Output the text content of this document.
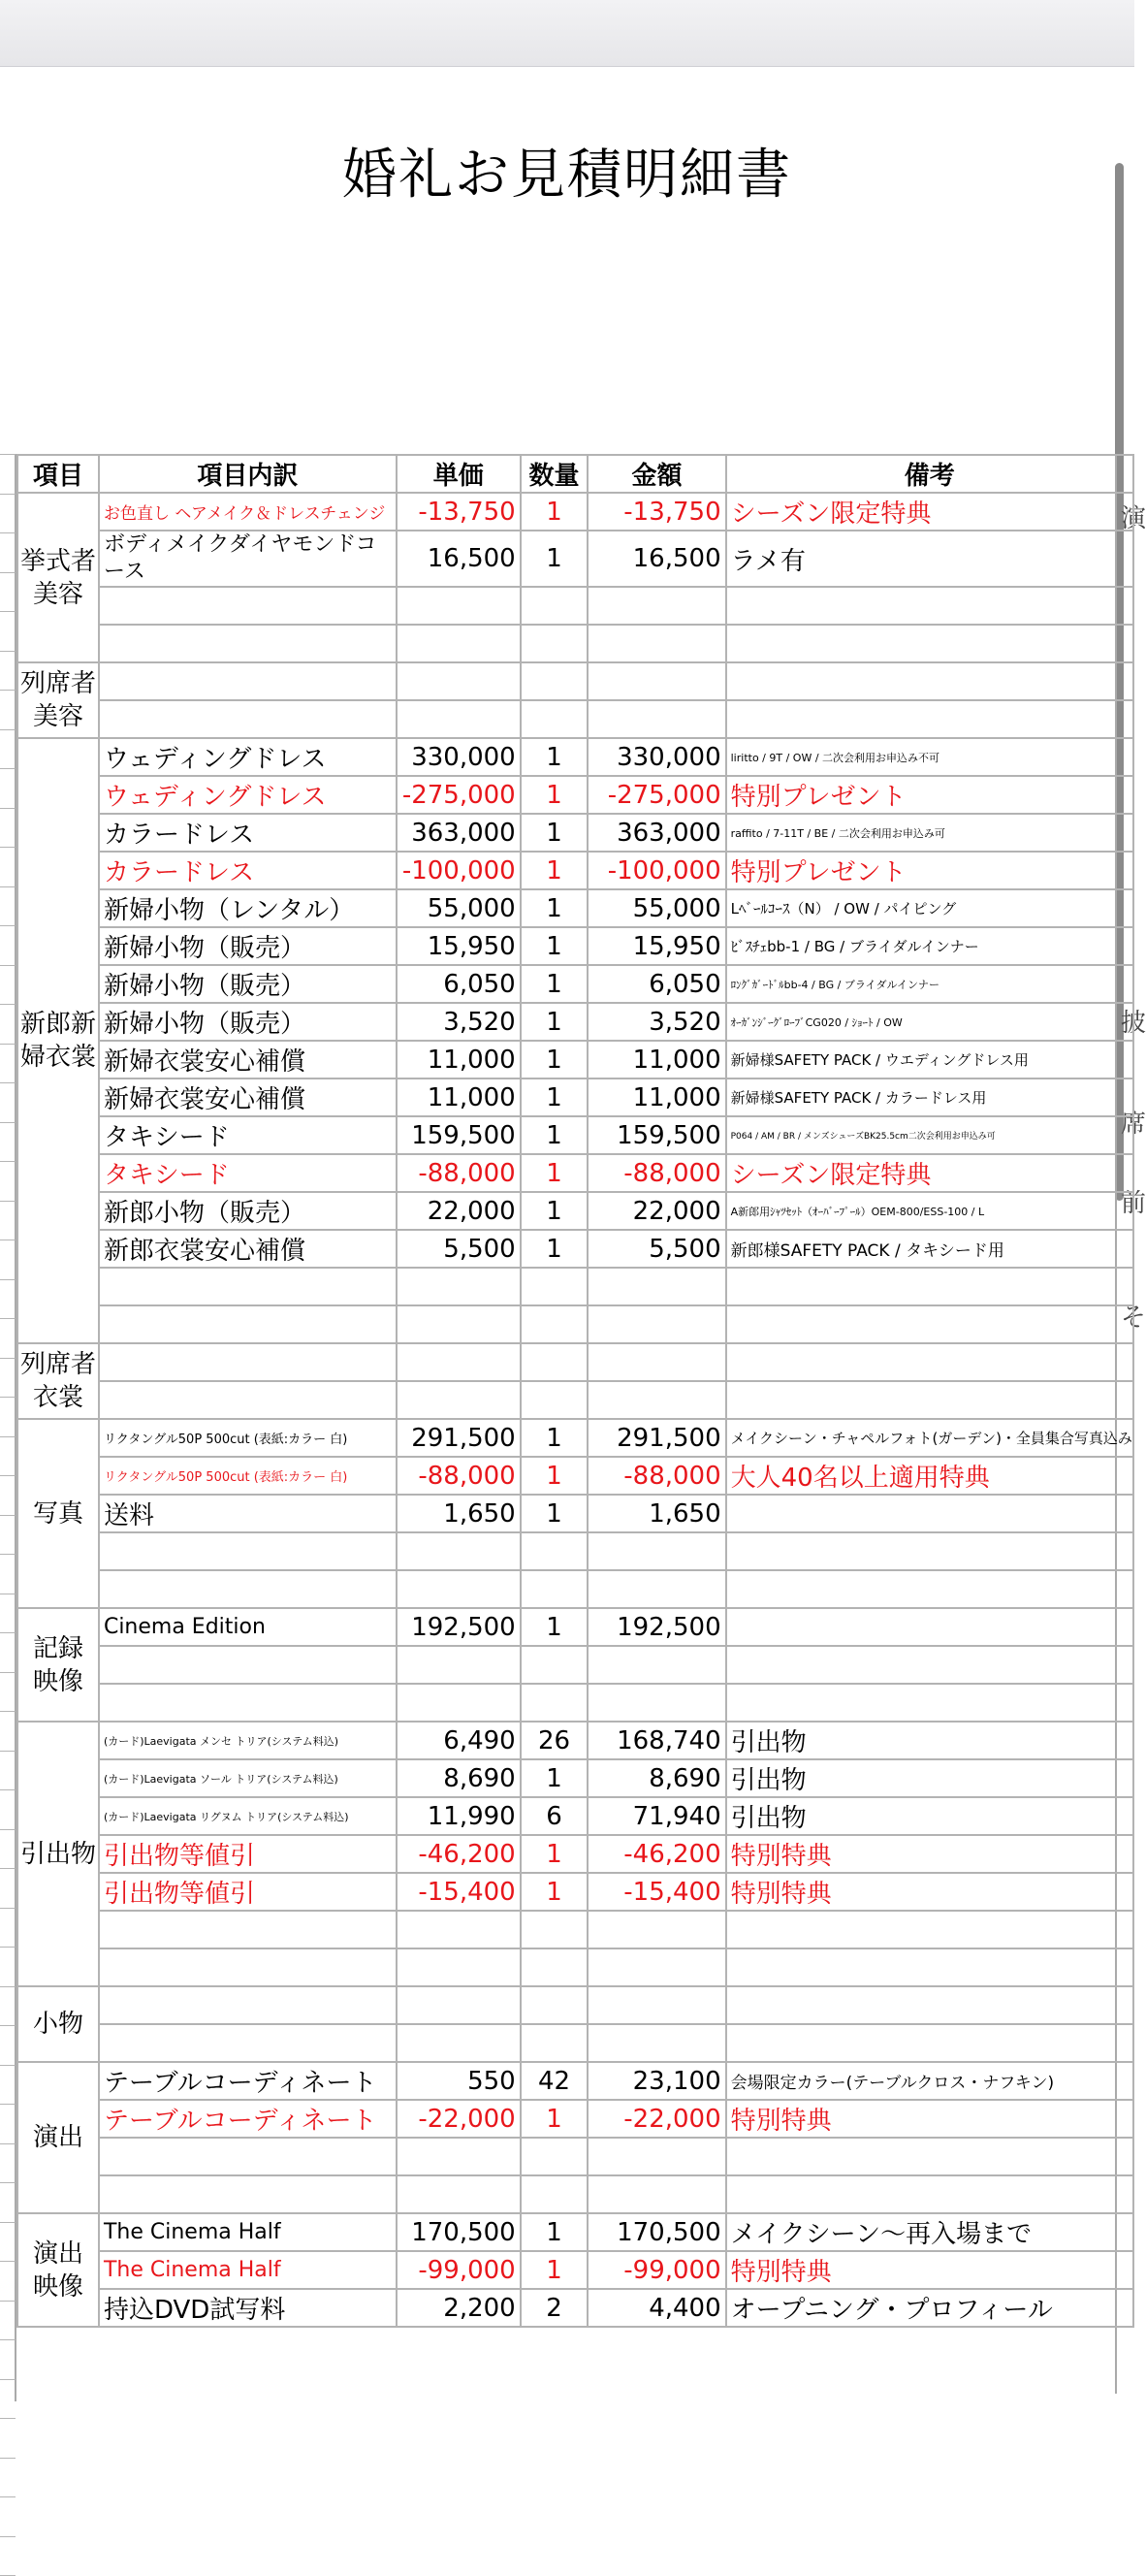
婚礼お見積明細書
演
披
席
前
そ
項目	項目内訳	単価	数量	金額	備考

挙式者
美容	お色直し ヘアメイク＆ドレスチェンジ	-13,750	1	-13,750	シーズン限定特典
	ボディメイクダイヤモンドコース	16,500	1	16,500	ラメ有

列席者
美容					

新郎新
婦衣裳	ウェディングドレス	330,000	1	330,000	liritto / 9T / OW / 二次会利用お申込み不可
	ウェディングドレス	-275,000	1	-275,000	特別プレゼント
	カラードレス	363,000	1	363,000	raffito / 7-11T / BE / 二次会利用お申込み可
	カラードレス	-100,000	1	-100,000	特別プレゼント
	新婦小物（レンタル）	55,000	1	55,000	Lﾍﾞｰﾙｺｰｽ（N） / OW / パイピング
	新婦小物（販売）	15,950	1	15,950	ﾋﾞｽﾁｪbb-1 / BG / ブライダルインナー
	新婦小物（販売）	6,050	1	6,050	ﾛﾝｸﾞｶﾞｰﾄﾞﾙbb-4 / BG / ブライダルインナー
	新婦小物（販売）	3,520	1	3,520	ｵｰｶﾞﾝｼﾞｰｸﾞﾛｰﾌﾞCG020 / ｼｮｰﾄ / OW
	新婦衣裳安心補償	11,000	1	11,000	新婦様SAFETY PACK / ウエディングドレス用
	新婦衣裳安心補償	11,000	1	11,000	新婦様SAFETY PACK / カラードレス用
	タキシード	159,500	1	159,500	P064 / AM / BR / メンズシューズBK25.5cm二次会利用お申込み可
	タキシード	-88,000	1	-88,000	シーズン限定特典
	新郎小物（販売）	22,000	1	22,000	A新郎用ｼｬﾂｾｯﾄ（ｵｰﾊﾞｰﾌﾟｰﾙ）OEM-800/ESS-100 / L
	新郎衣裳安心補償	5,500	1	5,500	新郎様SAFETY PACK / タキシード用

列席者
衣裳					

写真	リクタングル50P 500cut (表紙:カラー 白)	291,500	1	291,500	メイクシーン・チャペルフォト(ガーデン)・全員集合写真込み
	リクタングル50P 500cut (表紙:カラー 白)	-88,000	1	-88,000	大人40名以上適用特典
	送料	1,650	1	1,650	

記録
映像	Cinema Edition	192,500	1	192,500	

引出物	(カード)Laevigata メンセ トリア(システム料込)	6,490	26	168,740	引出物
	(カード)Laevigata ソール トリア(システム料込)	8,690	1	8,690	引出物
	(カード)Laevigata リグヌム トリア(システム料込)	11,990	6	71,940	引出物
	引出物等値引	-46,200	1	-46,200	特別特典
	引出物等値引	-15,400	1	-15,400	特別特典

小物					

演出	テーブルコーディネート	550	42	23,100	会場限定カラー(テーブルクロス・ナフキン)
	テーブルコーディネート	-22,000	1	-22,000	特別特典

演出
映像	The Cinema Half	170,500	1	170,500	メイクシーン〜再入場まで
	The Cinema Half	-99,000	1	-99,000	特別特典
	持込DVD試写料	2,200	2	4,400	オープニング・プロフィール
